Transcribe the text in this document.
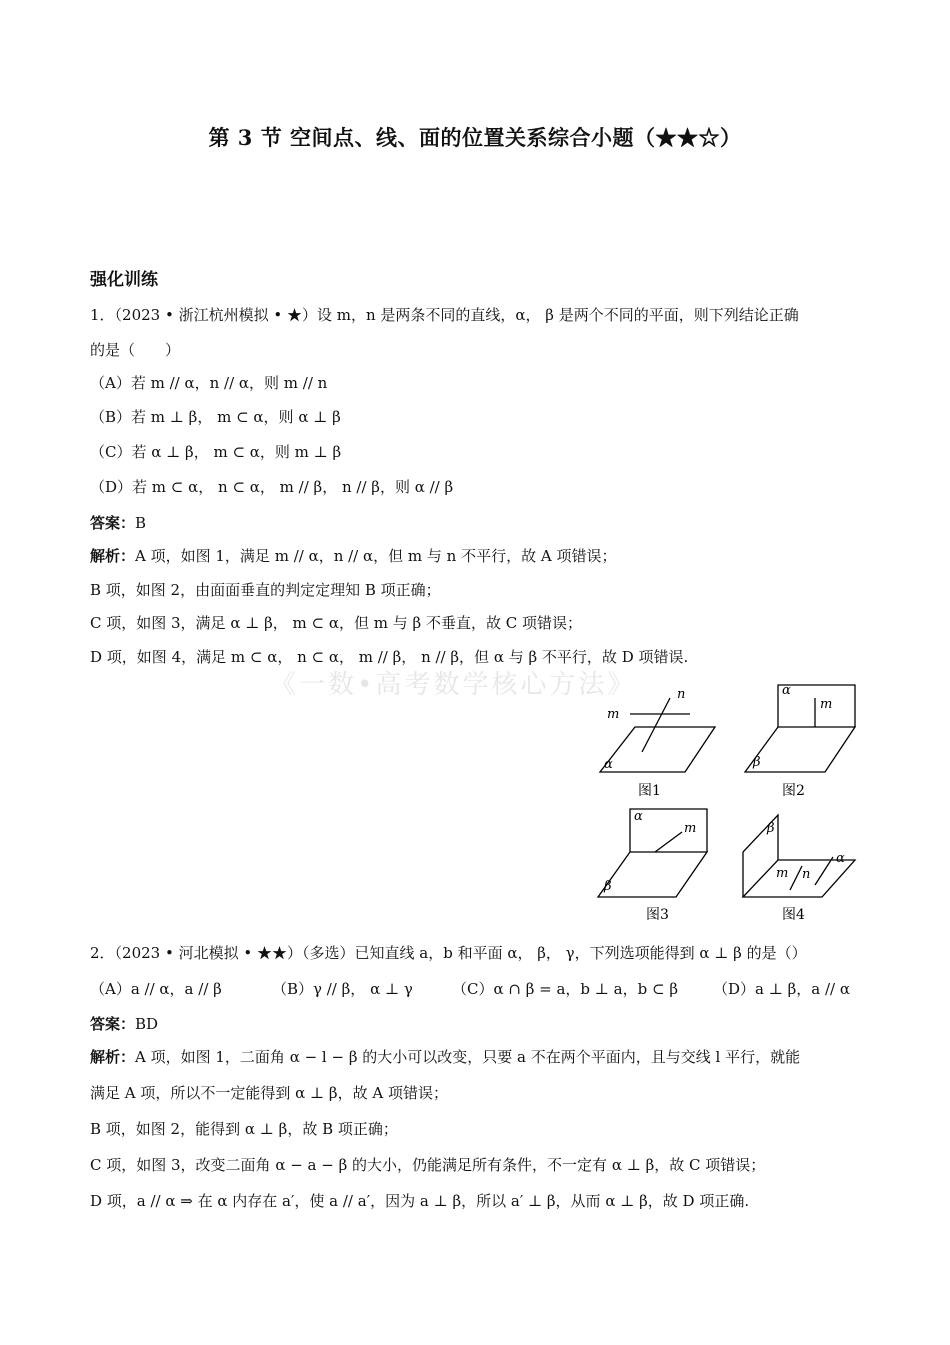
第 3 节 空间点、线、面的位置关系综合小题（★★☆）
《一数•高考数学核心方法》
强化训练
1．（2023 • 浙江杭州模拟 • ★）设 m，n 是两条不同的直线，α， β 是两个不同的平面，则下列结论正确
的是（　　）
（A）若 m // α，n // α，则 m // n
（B）若 m ⊥ β， m ⊂ α，则 α ⊥ β
（C）若 α ⊥ β， m ⊂ α，则 m ⊥ β
（D）若 m ⊂ α， n ⊂ α， m // β， n // β，则 α // β
答案：B
解析：A 项，如图 1，满足 m // α，n // α，但 m 与 n 不平行，故 A 项错误；
B 项，如图 2，由面面垂直的判定定理知 B 项正确；
C 项，如图 3，满足 α ⊥ β， m ⊂ α，但 m 与 β 不垂直，故 C 项错误；
D 项，如图 4，满足 m ⊂ α， n ⊂ α， m // β， n // β，但 α 与 β 不平行，故 D 项错误.
n
m
α
α
m
β
α
m
β
β
α
m n
图1	图2
图3	图4
2．（2023 • 河北模拟 • ★★）（多选）已知直线 a，b 和平面 α， β， γ，下列选项能得到 α ⊥ β 的是（）
（A）a // α，a // β	（B）γ // β， α ⊥ γ	（C）α ∩ β = a，b ⊥ a，b ⊂ β （D）a ⊥ β，a // α
答案：BD
解析：A 项，如图 1，二面角 α − l − β 的大小可以改变，只要 a 不在两个平面内，且与交线 l 平行，就能
满足 A 项，所以不一定能得到 α ⊥ β，故 A 项错误；
B 项，如图 2，能得到 α ⊥ β，故 B 项正确；
C 项，如图 3，改变二面角 α − a − β 的大小，仍能满足所有条件，不一定有 α ⊥ β，故 C 项错误；
D 项，a // α ⇒ 在 α 内存在 a′，使 a // a′，因为 a ⊥ β，所以 a′ ⊥ β，从而 α ⊥ β，故 D 项正确.
